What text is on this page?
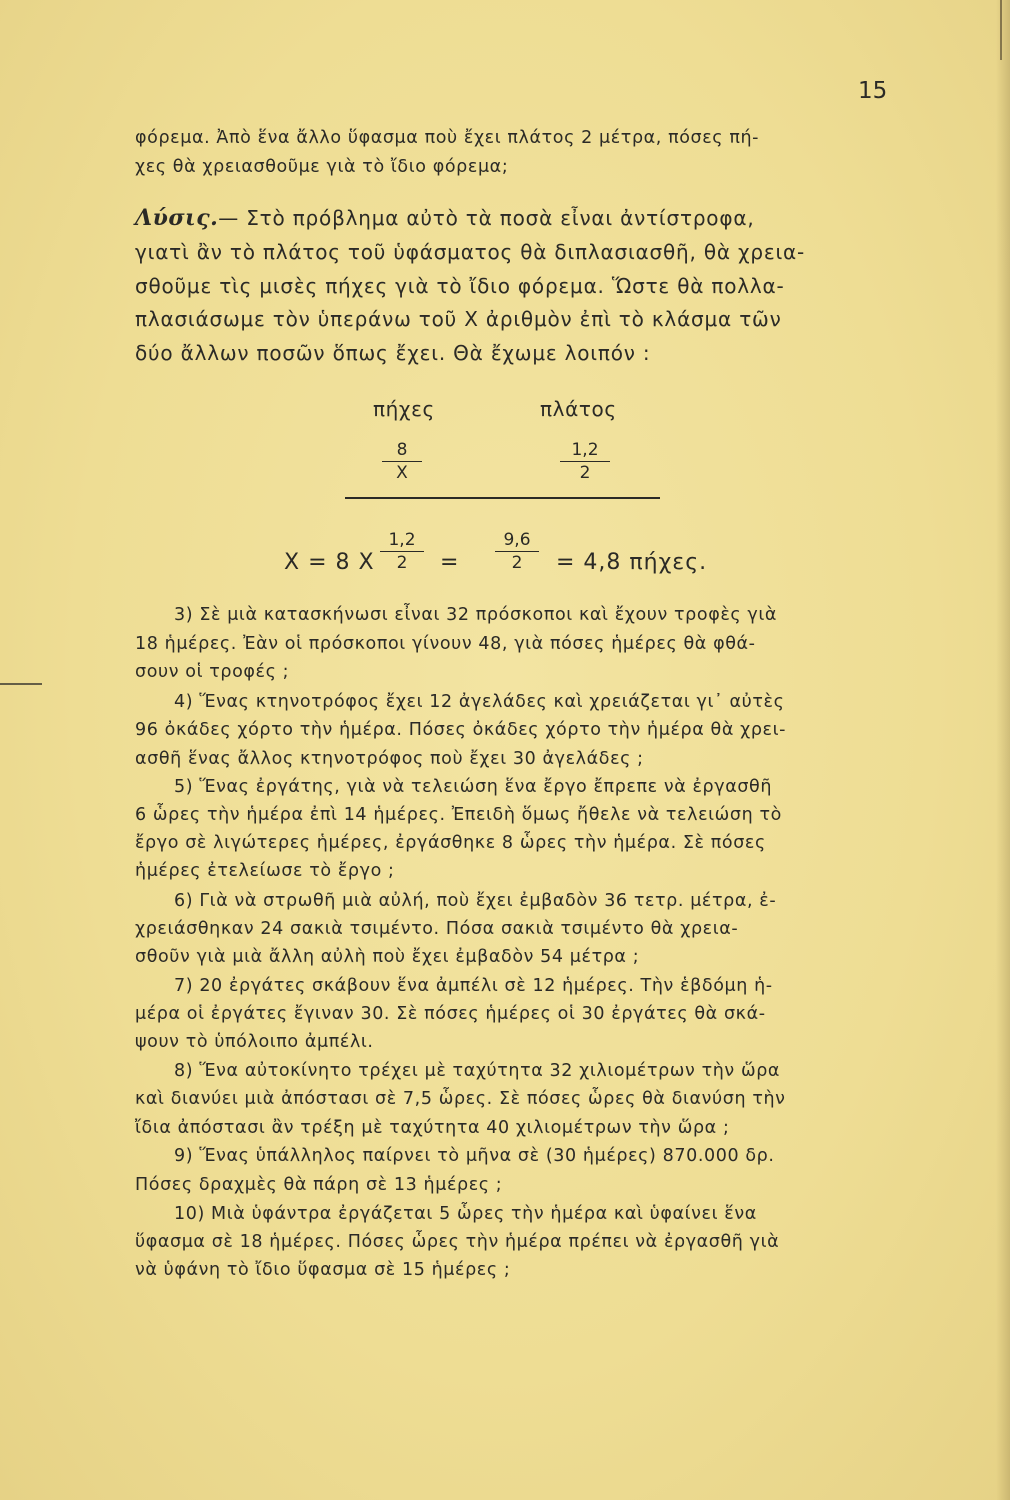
15
φόρεμα. Ἀπὸ ἕνα ἄλλο ὕφασμα ποὺ ἔχει πλάτος 2 μέτρα, πόσες πή-
χες θὰ χρειασθοῦμε γιὰ τὸ ἴδιο φόρεμα;
Λύσις.— Στὸ πρόβλημα αὐτὸ τὰ ποσὰ εἶναι ἀντίστροφα,
γιατὶ ἂν τὸ πλάτος τοῦ ὑφάσματος θὰ διπλασιασθῆ, θὰ χρεια-
σθοῦμε τὶς μισὲς πήχες γιὰ τὸ ἴδιο φόρεμα. Ὥστε θὰ πολλα-
πλασιάσωμε τὸν ὑπεράνω τοῦ X ἀριθμὸν ἐπὶ τὸ κλάσμα τῶν
δύο ἄλλων ποσῶν ὅπως ἔχει. Θὰ ἔχωμε λοιπόν :
πήχες	πλάτος
$\frac{8}{X}$	$\frac{1,2}{2}$
X = 8 X $\frac{1,2}{2} = \frac{9,6}{2} = 4,8$ πήχες.
3) Σὲ μιὰ κατασκήνωσι εἶναι 32 πρόσκοποι καὶ ἔχουν τροφὲς γιὰ
18 ἡμέρες. Ἐὰν οἱ πρόσκοποι γίνουν 48, γιὰ πόσες ἡμέρες θὰ φθά-
σουν οἱ τροφές ;
4) Ἕνας κτηνοτρόφος ἔχει 12 ἀγελάδες καὶ χρειάζεται γι᾽ αὐτὲς
96 ὀκάδες χόρτο τὴν ἡμέρα. Πόσες ὀκάδες χόρτο τὴν ἡμέρα θὰ χρει-
ασθῆ ἕνας ἄλλος κτηνοτρόφος ποὺ ἔχει 30 ἀγελάδες ;
5) Ἕνας ἐργάτης, γιὰ νὰ τελειώση ἕνα ἔργο ἔπρεπε νὰ ἐργασθῆ
6 ὧρες τὴν ἡμέρα ἐπὶ 14 ἡμέρες. Ἐπειδὴ ὅμως ἤθελε νὰ τελειώση τὸ
ἔργο σὲ λιγώτερες ἡμέρες, ἐργάσθηκε 8 ὧρες τὴν ἡμέρα. Σὲ πόσες
ἡμέρες ἐτελείωσε τὸ ἔργο ;
6) Γιὰ νὰ στρωθῆ μιὰ αὐλή, ποὺ ἔχει ἐμβαδὸν 36 τετρ. μέτρα, ἐ-
χρειάσθηκαν 24 σακιὰ τσιμέντο. Πόσα σακιὰ τσιμέντο θὰ χρεια-
σθοῦν γιὰ μιὰ ἄλλη αὐλὴ ποὺ ἔχει ἐμβαδὸν 54 μέτρα ;
7) 20 ἐργάτες σκάβουν ἕνα ἀμπέλι σὲ 12 ἡμέρες. Τὴν ἑβδόμη ἡ-
μέρα οἱ ἐργάτες ἔγιναν 30. Σὲ πόσες ἡμέρες οἱ 30 ἐργάτες θὰ σκά-
ψουν τὸ ὑπόλοιπο ἀμπέλι.
8) Ἕνα αὐτοκίνητο τρέχει μὲ ταχύτητα 32 χιλιομέτρων τὴν ὥρα
καὶ διανύει μιὰ ἀπόστασι σὲ 7,5 ὧρες. Σὲ πόσες ὧρες θὰ διανύση τὴν
ἴδια ἀπόστασι ἂν τρέξη μὲ ταχύτητα 40 χιλιομέτρων τὴν ὥρα ;
9) Ἕνας ὑπάλληλος παίρνει τὸ μῆνα σὲ (30 ἡμέρες) 870.000 δρ.
Πόσες δραχμὲς θὰ πάρη σὲ 13 ἡμέρες ;
10) Μιὰ ὑφάντρα ἐργάζεται 5 ὧρες τὴν ἡμέρα καὶ ὑφαίνει ἕνα
ὕφασμα σὲ 18 ἡμέρες. Πόσες ὧρες τὴν ἡμέρα πρέπει νὰ ἐργασθῆ γιὰ
νὰ ὑφάνη τὸ ἴδιο ὕφασμα σὲ 15 ἡμέρες ;
